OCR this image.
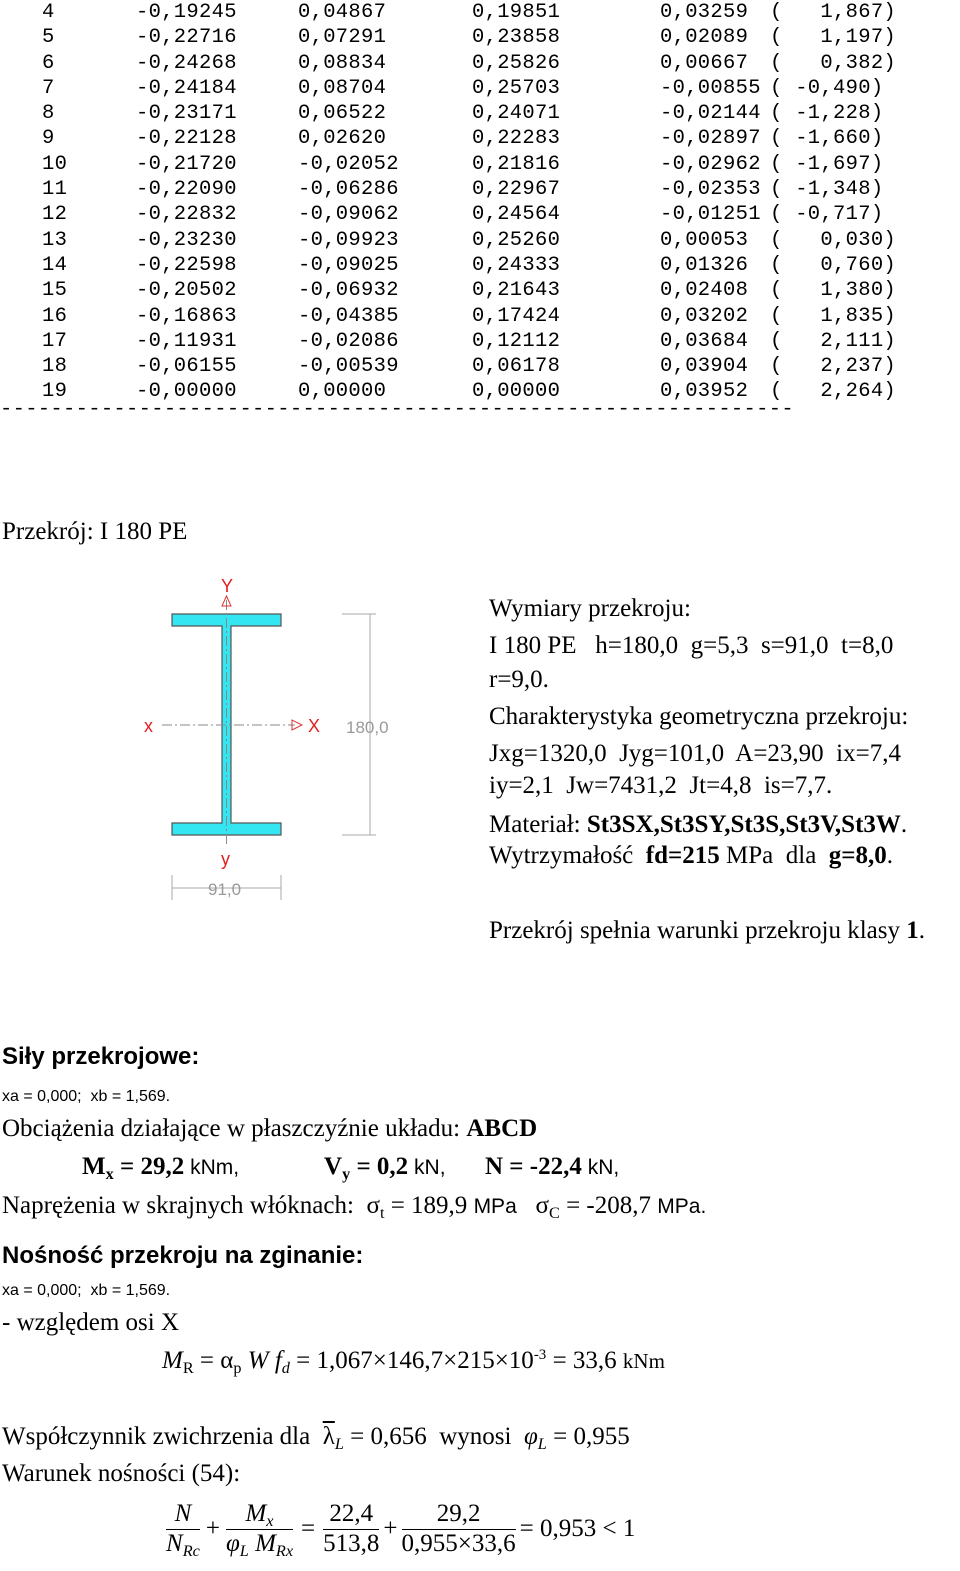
4	-0,19245	0,04867	0,19851	0,03259 (   1,867)
5	-0,22716	0,07291	0,23858	0,02089 (   1,197)
6	-0,24268	0,08834	0,25826	0,00667 (   0,382)
7	-0,24184	0,08704	0,25703	-0,00855 ( -0,490)
8	-0,23171	0,06522	0,24071	-0,02144 ( -1,228)
9	-0,22128	0,02620	0,22283	-0,02897 ( -1,660)
10	-0,21720	-0,02052	0,21816	-0,02962 ( -1,697)
11	-0,22090	-0,06286	0,22967	-0,02353 ( -1,348)
12	-0,22832	-0,09062	0,24564	-0,01251 ( -0,717)
13	-0,23230	-0,09923	0,25260	0,00053 (   0,030)
14	-0,22598	-0,09025	0,24333	0,01326 (   0,760)
15	-0,20502	-0,06932	0,21643	0,02408 (   1,380)
16	-0,16863	-0,04385	0,17424	0,03202 (   1,835)
17	-0,11931	-0,02086	0,12112	0,03684 (   2,111)
18	-0,06155	-0,00539	0,06178	0,03904 (   2,237)
19	-0,00000	0,00000	0,00000	0,03952 (   2,264)
---------------------------------------------------------------
Przekrój: I 180 PE
Y
y
x	X 180,0
91,0
Wymiary przekroju:
I 180 PE   h=180,0  g=5,3  s=91,0  t=8,0
r=9,0.
Charakterystyka geometryczna przekroju:
Jxg=1320,0  Jyg=101,0  A=23,90  ix=7,4
iy=2,1  Jw=7431,2  Jt=4,8  is=7,7.
Materiał: St3SX,St3SY,St3S,St3V,St3W.
Wytrzymałość  fd=215 MPa  dla  g=8,0.
Przekrój spełnia warunki przekroju klasy 1.
Siły przekrojowe:
xa = 0,000;  xb = 1,569.
Obciążenia działające w płaszczyźnie układu: ABCD
$M_x = 29,2$ kNm,	$V_y = 0,2$ kN, N = -22,4 kN,
Naprężenia w skrajnych włóknach:  $\sigma_t = 189,9$ MPa $\sigma_C = -208,7$ MPa.
Nośność przekroju na zginanie:
xa = 0,000;  xb = 1,569.
- względem osi X
$M_R = \alpha_p$ W $f_d = 1,067\times 146,7\times 215\times 10^{-3} = 33,6$ kNm
Współczynnik zwichrzenia dla  $\overline{\lambda}_L = 0,656$  wynosi  $\varphi_L = 0,955$
Warunek nośności (54):
$\frac{N}{N_{Rc}} + \frac{M_x}{\varphi_L M_{Rx}} = \frac{22,4}{513,8} + \frac{29,2}{0,955\times 33,6} = 0,953 < 1$
